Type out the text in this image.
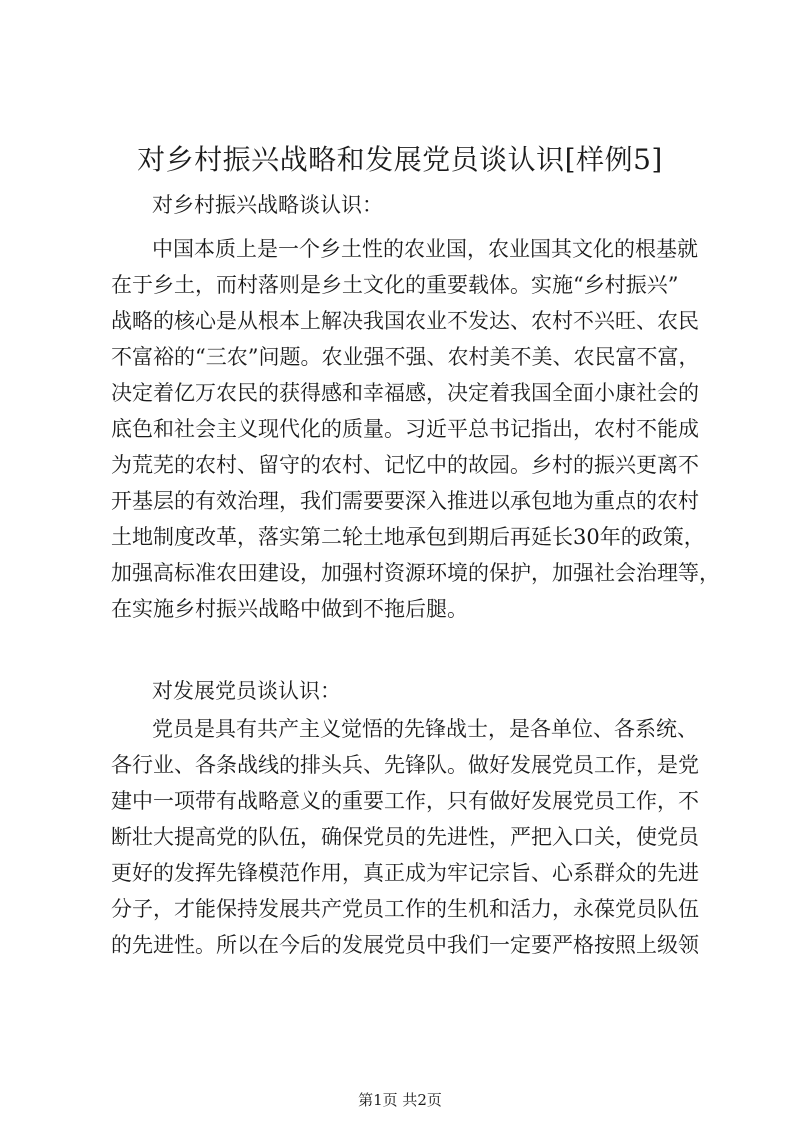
对乡村振兴战略和发展党员谈认识[样例5]

对乡村振兴战略谈认识：

中国本质上是一个乡土性的农业国，农业国其文化的根基就

在于乡土，而村落则是乡土文化的重要载体。实施“乡村振兴”

战略的核心是从根本上解决我国农业不发达、农村不兴旺、农民

不富裕的“三农”问题。农业强不强、农村美不美、农民富不富，

决定着亿万农民的获得感和幸福感，决定着我国全面小康社会的

底色和社会主义现代化的质量。习近平总书记指出，农村不能成

为荒芜的农村、留守的农村、记忆中的故园。乡村的振兴更离不

开基层的有效治理，我们需要要深入推进以承包地为重点的农村

土地制度改革，落实第二轮土地承包到期后再延长30年的政策，

加强高标准农田建设，加强村资源环境的保护，加强社会治理等，

在实施乡村振兴战略中做到不拖后腿。

对发展党员谈认识：

党员是具有共产主义觉悟的先锋战士，是各单位、各系统、

各行业、各条战线的排头兵、先锋队。做好发展党员工作，是党

建中一项带有战略意义的重要工作，只有做好发展党员工作，不

断壮大提高党的队伍，确保党员的先进性，严把入口关，使党员

更好的发挥先锋模范作用，真正成为牢记宗旨、心系群众的先进

分子，才能保持发展共产党员工作的生机和活力，永葆党员队伍

的先进性。所以在今后的发展党员中我们一定要严格按照上级领

第1页 共2页
